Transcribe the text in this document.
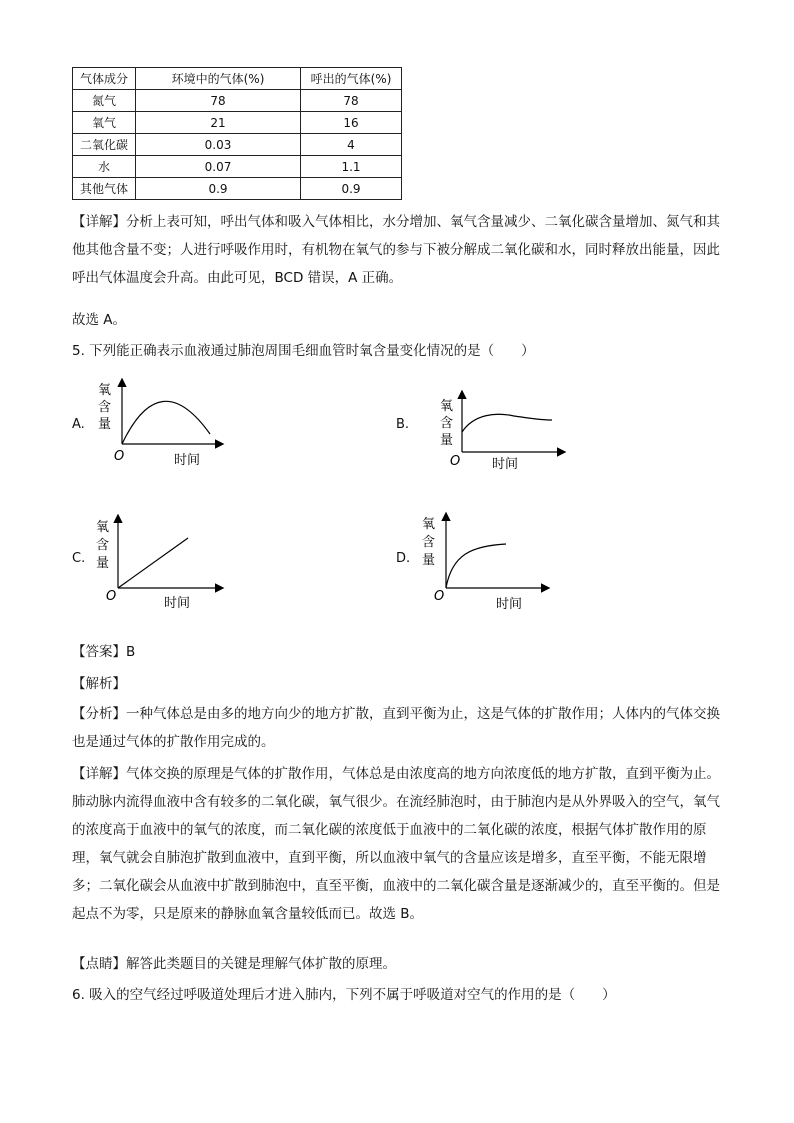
气体成分	环境中的气体(%)	呼出的气体(%)
氮气	78	78
氧气	21	16
二氧化碳	0.03	4
水	0.07	1.1
其他气体	0.9	0.9
【详解】分析上表可知，呼出气体和吸入气体相比，水分增加、氧气含量减少、二氧化碳含量增加、氮气和其他其他含量不变；人进行呼吸作用时，有机物在氧气的参与下被分解成二氧化碳和水，同时释放出能量，因此呼出气体温度会升高。由此可见，BCD 错误，A 正确。
故选 A。
5. 下列能正确表示血液通过肺泡周围毛细血管时氧含量变化情况的是（　　）
A.	B.
C.	D.
氧
含
量
O	时间
氧
含
量
O 时间
氧
含
量
O	时间
氧
含
量
O
时间
【答案】B
【解析】
【分析】一种气体总是由多的地方向少的地方扩散，直到平衡为止，这是气体的扩散作用；人体内的气体交换也是通过气体的扩散作用完成的。
【详解】气体交换的原理是气体的扩散作用，气体总是由浓度高的地方向浓度低的地方扩散，直到平衡为止。肺动脉内流得血液中含有较多的二氧化碳，氧气很少。在流经肺泡时，由于肺泡内是从外界吸入的空气，氧气的浓度高于血液中的氧气的浓度，而二氧化碳的浓度低于血液中的二氧化碳的浓度，根据气体扩散作用的原理，氧气就会自肺泡扩散到血液中，直到平衡，所以血液中氧气的含量应该是增多，直至平衡，不能无限增多；二氧化碳会从血液中扩散到肺泡中，直至平衡，血液中的二氧化碳含量是逐渐减少的，直至平衡的。但是起点不为零，只是原来的静脉血氧含量较低而已。故选 B。
【点睛】解答此类题目的关键是理解气体扩散的原理。
6. 吸入的空气经过呼吸道处理后才进入肺内，下列不属于呼吸道对空气的作用的是（　　）
